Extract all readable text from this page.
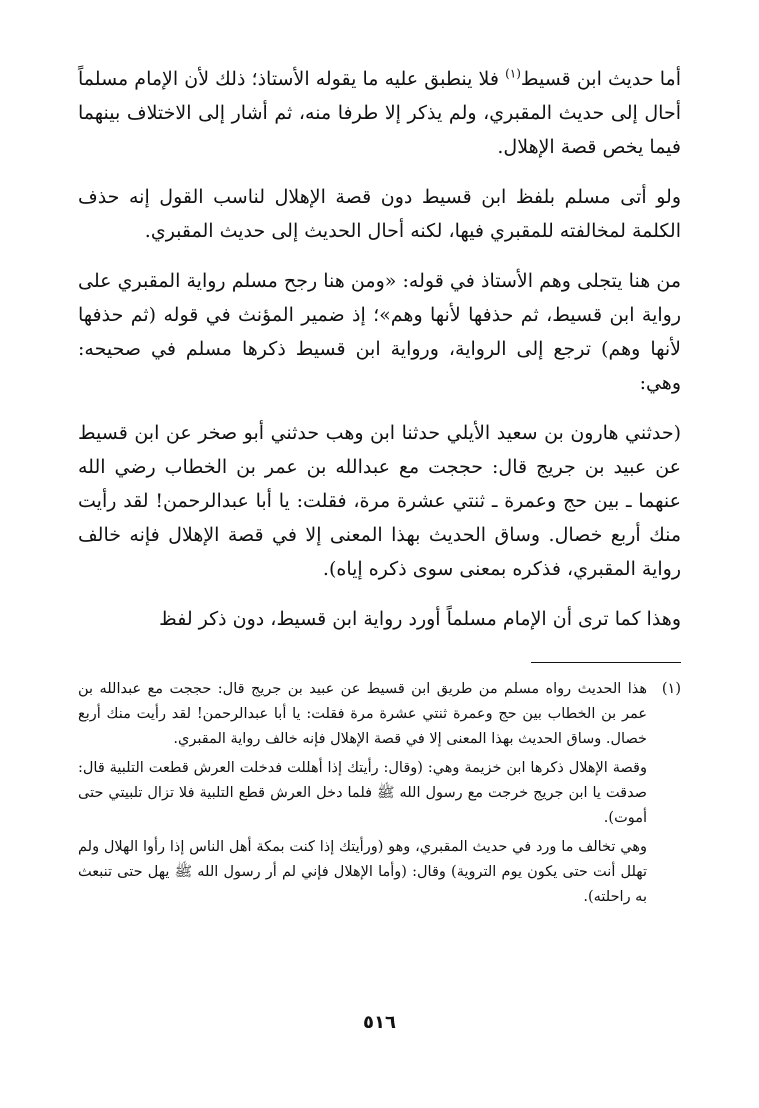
أما حديث ابن قسيط$^{(١)}$ فلا ينطبق عليه ما يقوله الأستاذ؛ ذلك لأن الإمام مسلماً أحال إلى حديث المقبري، ولم يذكر إلا طرفا منه، ثم أشار إلى الاختلاف بينهما فيما يخص قصة الإهلال.

ولو أتى مسلم بلفظ ابن قسيط دون قصة الإهلال لناسب القول إنه حذف الكلمة لمخالفته للمقبري فيها، لكنه أحال الحديث إلى حديث المقبري.

من هنا يتجلى وهم الأستاذ في قوله: «ومن هنا رجح مسلم رواية المقبري على رواية ابن قسيط، ثم حذفها لأنها وهم»؛ إذ ضمير المؤنث في قوله (ثم حذفها لأنها وهم) ترجع إلى الرواية، ورواية ابن قسيط ذكرها مسلم في صحيحه: وهي:

(حدثني هارون بن سعيد الأيلي حدثنا ابن وهب حدثني أبو صخر عن ابن قسيط عن عبيد بن جريج قال: حججت مع عبدالله بن عمر بن الخطاب رضي الله عنهما ـ بين حج وعمرة ـ ثنتي عشرة مرة، فقلت: يا أبا عبدالرحمن! لقد رأيت منك أربع خصال. وساق الحديث بهذا المعنى إلا في قصة الإهلال فإنه خالف رواية المقبري، فذكره بمعنى سوى ذكره إياه).

وهذا كما ترى أن الإمام مسلماً أورد رواية ابن قسيط، دون ذكر لفظ

(١)

هذا الحديث رواه مسلم من طريق ابن قسيط عن عبيد بن جريج قال: حججت مع عبدالله بن عمر بن الخطاب بين حج وعمرة ثنتي عشرة مرة فقلت: يا أبا عبدالرحمن! لقد رأيت منك أربع خصال. وساق الحديث بهذا المعنى إلا في قصة الإهلال فإنه خالف رواية المقبري.

وقصة الإهلال ذكرها ابن خزيمة وهي: (وقال: رأيتك إذا أهللت فدخلت العرش قطعت التلبية قال: صدقت يا ابن جريج خرجت مع رسول الله ﷺ فلما دخل العرش قطع التلبية فلا تزال تلبيتي حتى أموت).

وهي تخالف ما ورد في حديث المقبري، وهو (ورأيتك إذا كنت بمكة أهل الناس إذا رأوا الهلال ولم تهلل أنت حتى يكون يوم التروية) وقال: (وأما الإهلال فإني لم أر رسول الله ﷺ يهل حتى تنبعث به راحلته).

٥١٦
